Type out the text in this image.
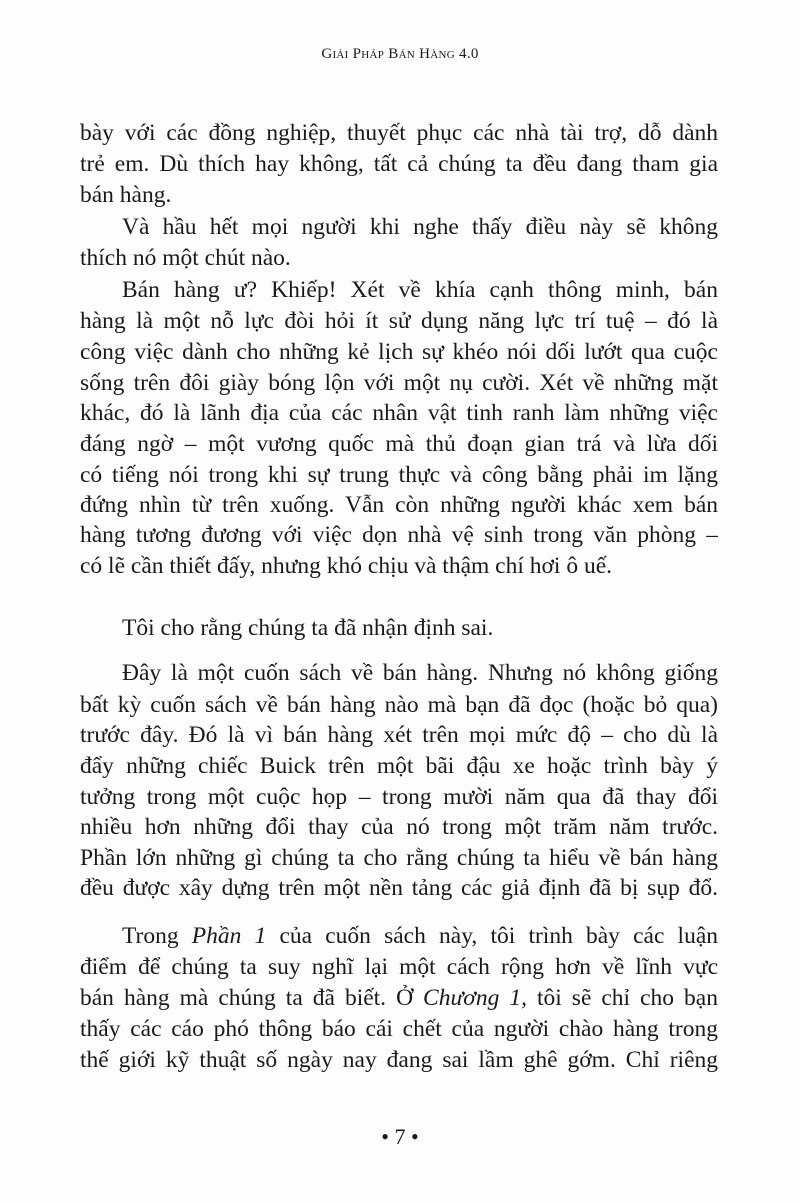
Giải Pháp Bán Hàng 4.0
bày với các đồng nghiệp, thuyết phục các nhà tài trợ, dỗ dành
trẻ em. Dù thích hay không, tất cả chúng ta đều đang tham gia
bán hàng.
Và hầu hết mọi người khi nghe thấy điều này sẽ không
thích nó một chút nào.
Bán hàng ư? Khiếp! Xét về khía cạnh thông minh, bán
hàng là một nỗ lực đòi hỏi ít sử dụng năng lực trí tuệ – đó là
công việc dành cho những kẻ lịch sự khéo nói dối lướt qua cuộc
sống trên đôi giày bóng lộn với một nụ cười. Xét về những mặt
khác, đó là lãnh địa của các nhân vật tinh ranh làm những việc
đáng ngờ – một vương quốc mà thủ đoạn gian trá và lừa dối
có tiếng nói trong khi sự trung thực và công bằng phải im lặng
đứng nhìn từ trên xuống. Vẫn còn những người khác xem bán
hàng tương đương với việc dọn nhà vệ sinh trong văn phòng –
có lẽ cần thiết đấy, nhưng khó chịu và thậm chí hơi ô uế.
Tôi cho rằng chúng ta đã nhận định sai.
Đây là một cuốn sách về bán hàng. Nhưng nó không giống
bất kỳ cuốn sách về bán hàng nào mà bạn đã đọc (hoặc bỏ qua)
trước đây. Đó là vì bán hàng xét trên mọi mức độ – cho dù là
đẩy những chiếc Buick trên một bãi đậu xe hoặc trình bày ý
tưởng trong một cuộc họp – trong mười năm qua đã thay đổi
nhiều hơn những đổi thay của nó trong một trăm năm trước.
Phần lớn những gì chúng ta cho rằng chúng ta hiểu về bán hàng
đều được xây dựng trên một nền tảng các giả định đã bị sụp đổ.
Trong Phần 1 của cuốn sách này, tôi trình bày các luận
điểm để chúng ta suy nghĩ lại một cách rộng hơn về lĩnh vực
bán hàng mà chúng ta đã biết. Ở Chương 1, tôi sẽ chỉ cho bạn
thấy các cáo phó thông báo cái chết của người chào hàng trong
thế giới kỹ thuật số ngày nay đang sai lầm ghê gớm. Chỉ riêng
• 7 •
